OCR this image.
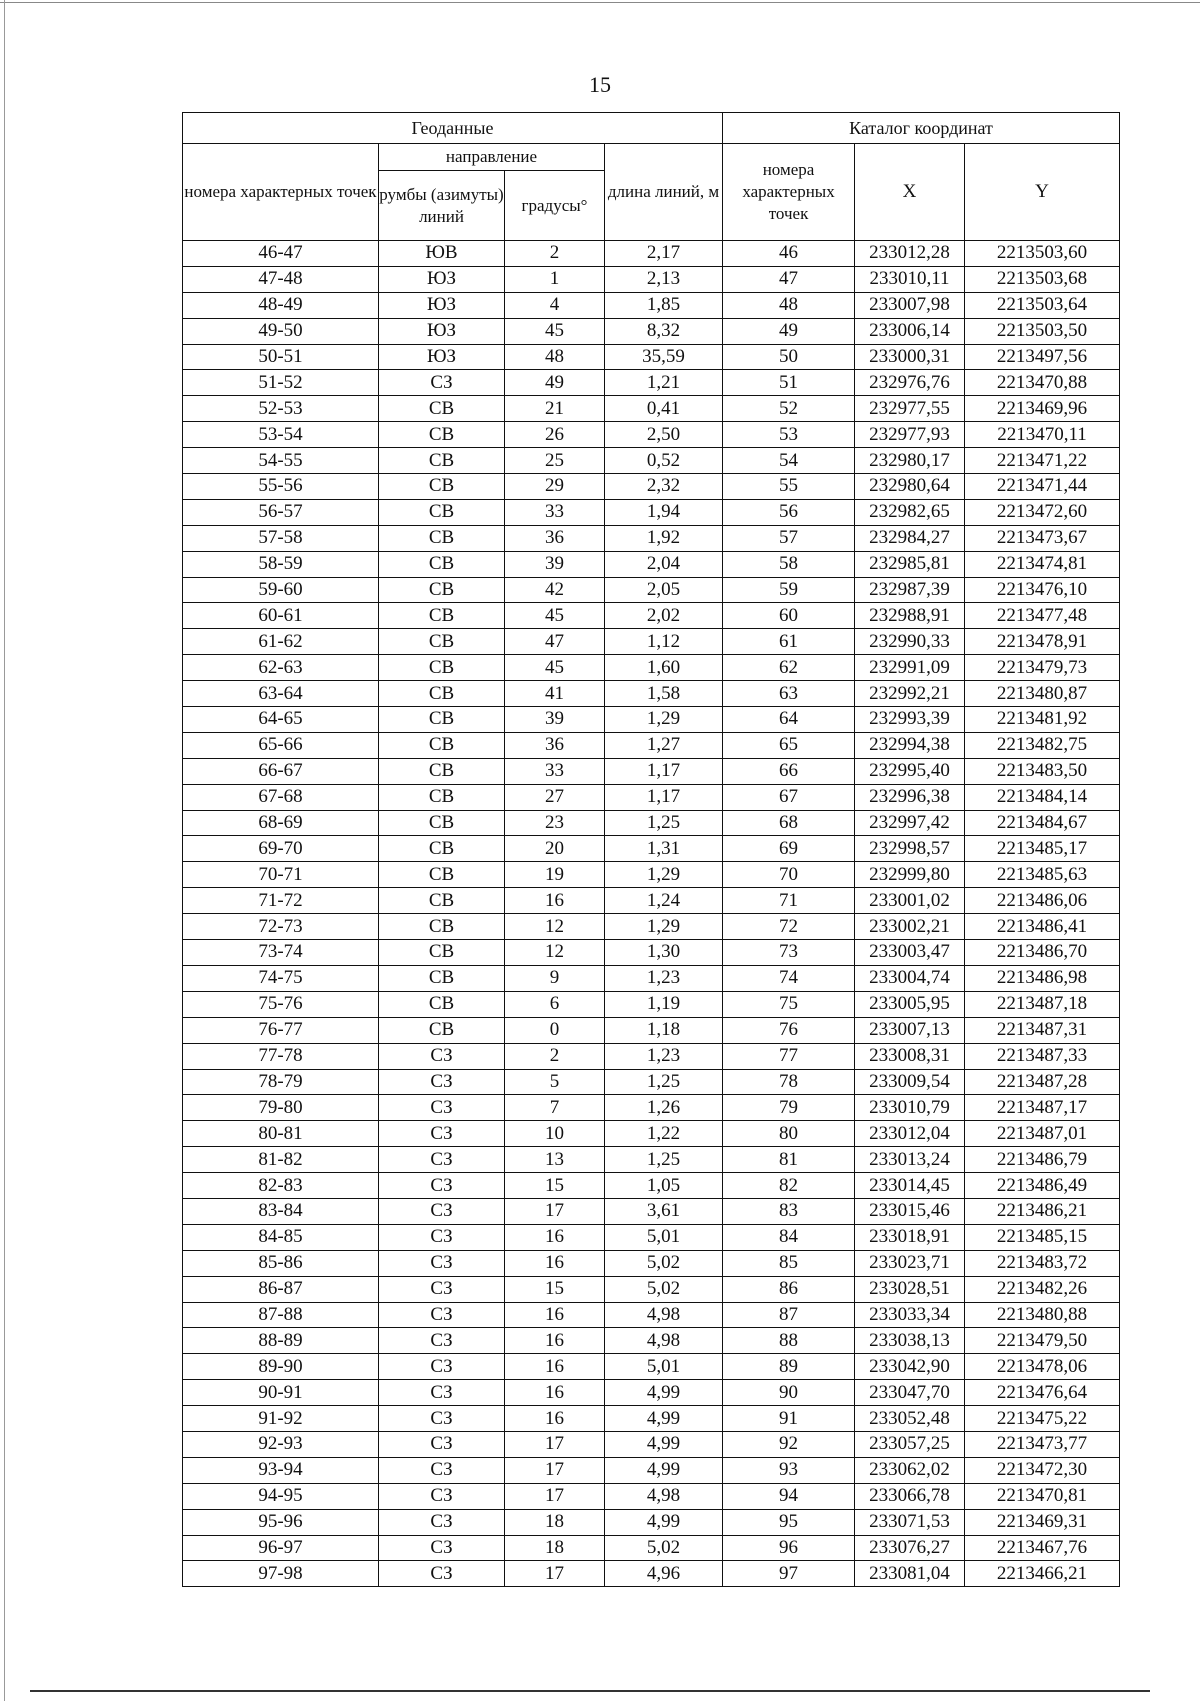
15
Геоданные				Каталог координат		
номера характерных точек	направление		длина линий, м	номера характерных точек	X	Y
	румбы (азимуты) линий	градусы°				
46-47	ЮВ	2	2,17	46	233012,28	2213503,60
47-48	ЮЗ	1	2,13	47	233010,11	2213503,68
48-49	ЮЗ	4	1,85	48	233007,98	2213503,64
49-50	ЮЗ	45	8,32	49	233006,14	2213503,50
50-51	ЮЗ	48	35,59	50	233000,31	2213497,56
51-52	СЗ	49	1,21	51	232976,76	2213470,88
52-53	СВ	21	0,41	52	232977,55	2213469,96
53-54	СВ	26	2,50	53	232977,93	2213470,11
54-55	СВ	25	0,52	54	232980,17	2213471,22
55-56	СВ	29	2,32	55	232980,64	2213471,44
56-57	СВ	33	1,94	56	232982,65	2213472,60
57-58	СВ	36	1,92	57	232984,27	2213473,67
58-59	СВ	39	2,04	58	232985,81	2213474,81
59-60	СВ	42	2,05	59	232987,39	2213476,10
60-61	СВ	45	2,02	60	232988,91	2213477,48
61-62	СВ	47	1,12	61	232990,33	2213478,91
62-63	СВ	45	1,60	62	232991,09	2213479,73
63-64	СВ	41	1,58	63	232992,21	2213480,87
64-65	СВ	39	1,29	64	232993,39	2213481,92
65-66	СВ	36	1,27	65	232994,38	2213482,75
66-67	СВ	33	1,17	66	232995,40	2213483,50
67-68	СВ	27	1,17	67	232996,38	2213484,14
68-69	СВ	23	1,25	68	232997,42	2213484,67
69-70	СВ	20	1,31	69	232998,57	2213485,17
70-71	СВ	19	1,29	70	232999,80	2213485,63
71-72	СВ	16	1,24	71	233001,02	2213486,06
72-73	СВ	12	1,29	72	233002,21	2213486,41
73-74	СВ	12	1,30	73	233003,47	2213486,70
74-75	СВ	9	1,23	74	233004,74	2213486,98
75-76	СВ	6	1,19	75	233005,95	2213487,18
76-77	СВ	0	1,18	76	233007,13	2213487,31
77-78	СЗ	2	1,23	77	233008,31	2213487,33
78-79	СЗ	5	1,25	78	233009,54	2213487,28
79-80	СЗ	7	1,26	79	233010,79	2213487,17
80-81	СЗ	10	1,22	80	233012,04	2213487,01
81-82	СЗ	13	1,25	81	233013,24	2213486,79
82-83	СЗ	15	1,05	82	233014,45	2213486,49
83-84	СЗ	17	3,61	83	233015,46	2213486,21
84-85	СЗ	16	5,01	84	233018,91	2213485,15
85-86	СЗ	16	5,02	85	233023,71	2213483,72
86-87	СЗ	15	5,02	86	233028,51	2213482,26
87-88	СЗ	16	4,98	87	233033,34	2213480,88
88-89	СЗ	16	4,98	88	233038,13	2213479,50
89-90	СЗ	16	5,01	89	233042,90	2213478,06
90-91	СЗ	16	4,99	90	233047,70	2213476,64
91-92	СЗ	16	4,99	91	233052,48	2213475,22
92-93	СЗ	17	4,99	92	233057,25	2213473,77
93-94	СЗ	17	4,99	93	233062,02	2213472,30
94-95	СЗ	17	4,98	94	233066,78	2213470,81
95-96	СЗ	18	4,99	95	233071,53	2213469,31
96-97	СЗ	18	5,02	96	233076,27	2213467,76
97-98	СЗ	17	4,96	97	233081,04	2213466,21
